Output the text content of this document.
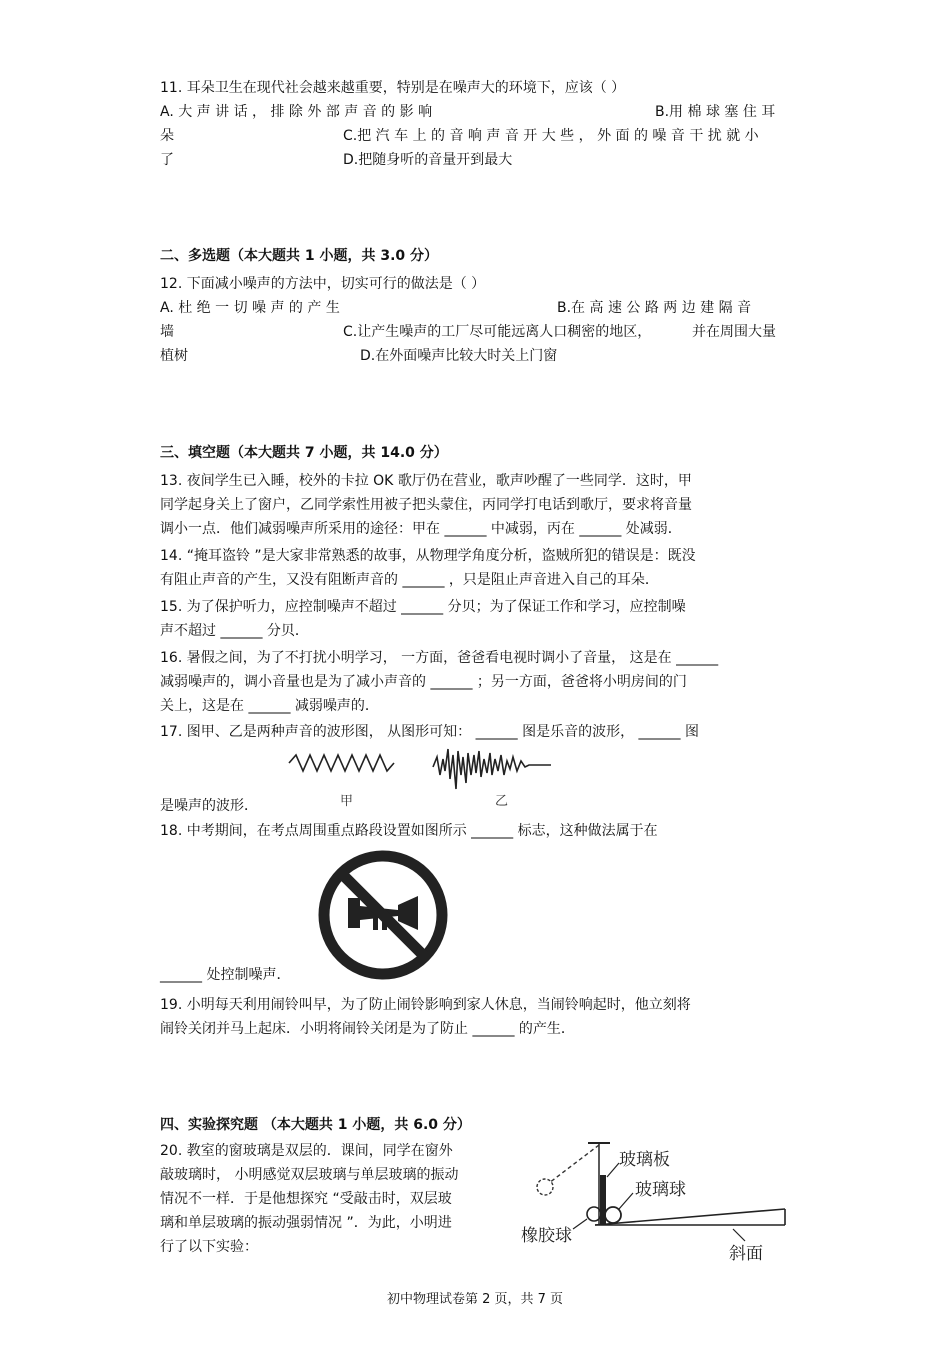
11. 耳朵卫生在现代社会越来越重要，特别是在噪声大的环境下，应该（ ）
A. 大 声 讲 话 ， 排 除 外 部 声 音 的 影 响	B.用 棉 球 塞 住 耳
朵	C.把 汽 车 上 的 音 响 声 音 开 大 些 ， 外 面 的 噪 音 干 扰 就 小
了	D.把随身听的音量开到最大
二、多选题（本大题共 1 小题，共 3.0 分）
12. 下面减小噪声的方法中，切实可行的做法是（ ）
A. 杜 绝 一 切 噪 声 的 产 生	B.在 高 速 公 路 两 边 建 隔 音
墙	C.让产生噪声的工厂尽可能远离人口稠密的地区，	并在周围大量
植树	D.在外面噪声比较大时关上门窗
三、填空题（本大题共 7 小题，共 14.0 分）
13. 夜间学生已入睡，校外的卡拉 OK 歌厅仍在营业，歌声吵醒了一些同学．这时，甲
同学起身关上了窗户，乙同学索性用被子把头蒙住，丙同学打电话到歌厅，要求将音量
调小一点．他们减弱噪声所采用的途径：甲在 ______ 中减弱，丙在 ______ 处减弱．
14. “掩耳盗铃 ”是大家非常熟悉的故事，从物理学角度分析，盗贼所犯的错误是：既没
有阻止声音的产生，又没有阻断声音的 ______ ，只是阻止声音进入自己的耳朵．
15. 为了保护听力，应控制噪声不超过 ______ 分贝；为了保证工作和学习，应控制噪
声不超过 ______ 分贝．
16. 暑假之间，为了不打扰小明学习， 一方面，爸爸看电视时调小了音量， 这是在 ______
减弱噪声的，调小音量也是为了减小声音的 ______ ；另一方面，爸爸将小明房间的门
关上，这是在 ______ 减弱噪声的．
17. 图甲、乙是两种声音的波形图， 从图形可知： ______ 图是乐音的波形， ______ 图
甲	乙
是噪声的波形．
18. 中考期间，在考点周围重点路段设置如图所示 ______ 标志，这种做法属于在
______ 处控制噪声．
19. 小明每天利用闹铃叫早，为了防止闹铃影响到家人休息，当闹铃响起时，他立刻将
闹铃关闭并马上起床．小明将闹铃关闭是为了防止 ______ 的产生．
四、实验探究题 （本大题共 1 小题，共 6.0 分）
20. 教室的窗玻璃是双层的．课间，同学在窗外
敲玻璃时， 小明感觉双层玻璃与单层玻璃的振动
情况不一样．于是他想探究 “受敲击时，双层玻
璃和单层玻璃的振动强弱情况 ”．为此，小明进
行了以下实验：
玻璃板
玻璃球
橡胶球
斜面
初中物理试卷第 2 页，共 7 页
